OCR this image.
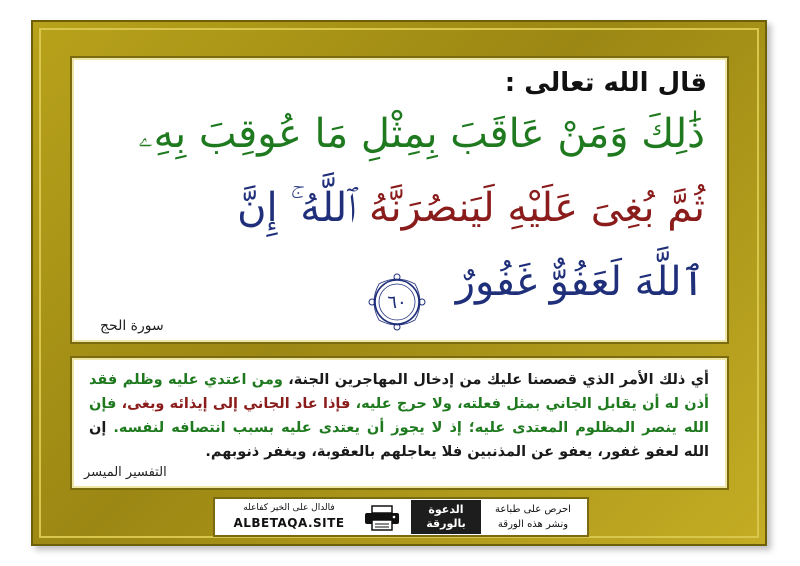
قال الله تعالى :
ذَٰلِكَ وَمَنْ عَاقَبَ بِمِثْلِ مَا عُوقِبَ بِهِۦ
ثُمَّ بُغِىَ عَلَيْهِ لَيَنصُرَنَّهُ ٱللَّهُ ۚ إِنَّ
ٱللَّهَ لَعَفُوٌّ غَفُورٌ
٦٠
سورة الحج
أي ذلك الأمر الذي قصصنا عليك من إدخال المهاجرين الجنة، ومن اعتدي عليه وظلم فقد أذن له أن يقابل الجاني بمثل فعلته، ولا حرج عليه، فإذا عاد الجاني إلى إيذائه وبغى، فإن الله ينصر المظلوم المعتدى عليه؛ إذ لا يجوز أن يعتدى عليه بسبب انتصافه لنفسه. إن الله لعفو غفور، يعفو عن المذنبين فلا يعاجلهم بالعقوبة، ويغفر ذنوبهم.
التفسير الميسر
فالدال على الخير كفاعله
ALBETAQA.SITE
الدعوة
بالورقة
احرص على طباعة
ونشر هذه الورقة
